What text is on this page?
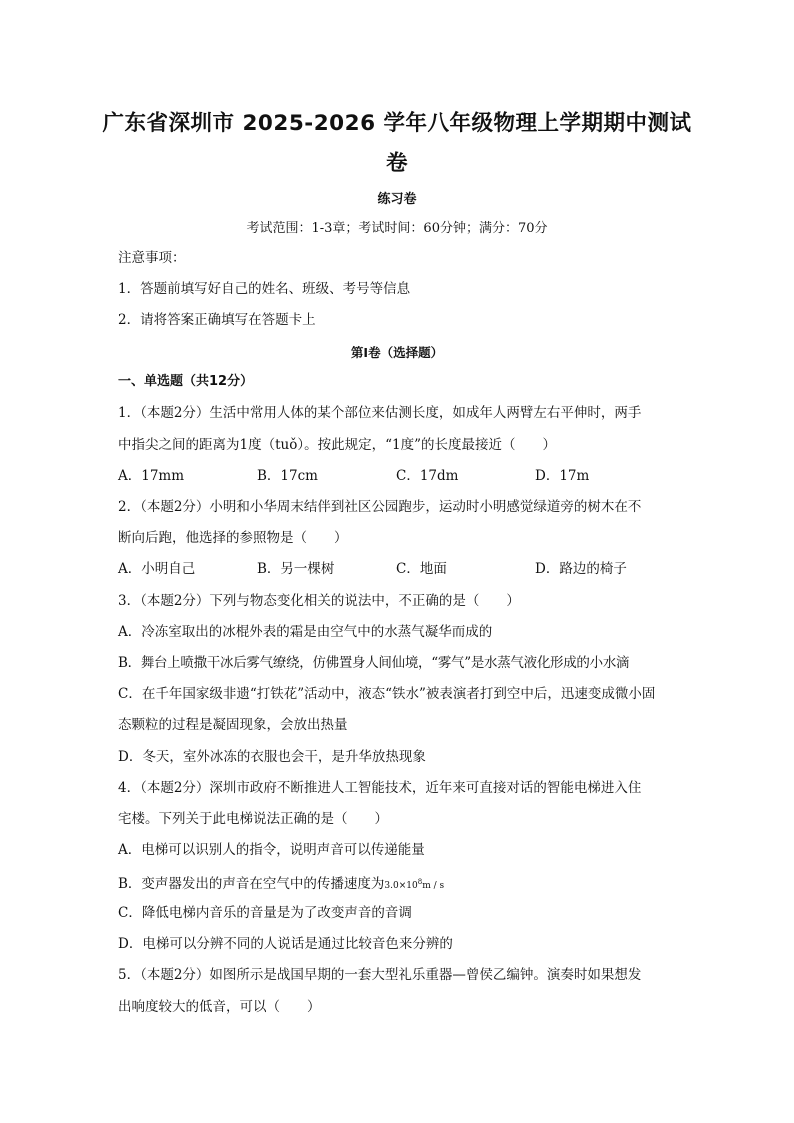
广东省深圳市 2025-2026 学年八年级物理上学期期中测试
卷
练习卷
考试范围：1-3章；考试时间：60分钟；满分：70分
注意事项：
1．答题前填写好自己的姓名、班级、考号等信息
2．请将答案正确填写在答题卡上
第I卷（选择题）
一、单选题（共12分）
1．（本题2分）生活中常用人体的某个部位来估测长度，如成年人两臂左右平伸时，两手
中指尖之间的距离为1度（tuǒ）。按此规定，“1度”的长度最接近（　　）
A．17mm	B．17cm	C．17dm	D．17m
2．（本题2分）小明和小华周末结伴到社区公园跑步，运动时小明感觉绿道旁的树木在不
断向后跑，他选择的参照物是（　　）
A．小明自己	B．另一棵树	C．地面	D．路边的椅子
3．（本题2分）下列与物态变化相关的说法中，不正确的是（　　）
A．冷冻室取出的冰棍外表的霜是由空气中的水蒸气凝华而成的
B．舞台上喷撒干冰后雾气缭绕，仿佛置身人间仙境，“雾气”是水蒸气液化形成的小水滴
C．在千年国家级非遗“打铁花”活动中，液态“铁水”被表演者打到空中后，迅速变成微小固
态颗粒的过程是凝固现象，会放出热量
D．冬天，室外冰冻的衣服也会干，是升华放热现象
4．（本题2分）深圳市政府不断推进人工智能技术，近年来可直接对话的智能电梯进入住
宅楼。下列关于此电梯说法正确的是（　　）
A．电梯可以识别人的指令，说明声音可以传递能量
B．变声器发出的声音在空气中的传播速度为$3.0\times 10^8m / s$
C．降低电梯内音乐的音量是为了改变声音的音调
D．电梯可以分辨不同的人说话是通过比较音色来分辨的
5．（本题2分）如图所示是战国早期的一套大型礼乐重器—曾侯乙编钟。演奏时如果想发
出响度较大的低音，可以（　　）
